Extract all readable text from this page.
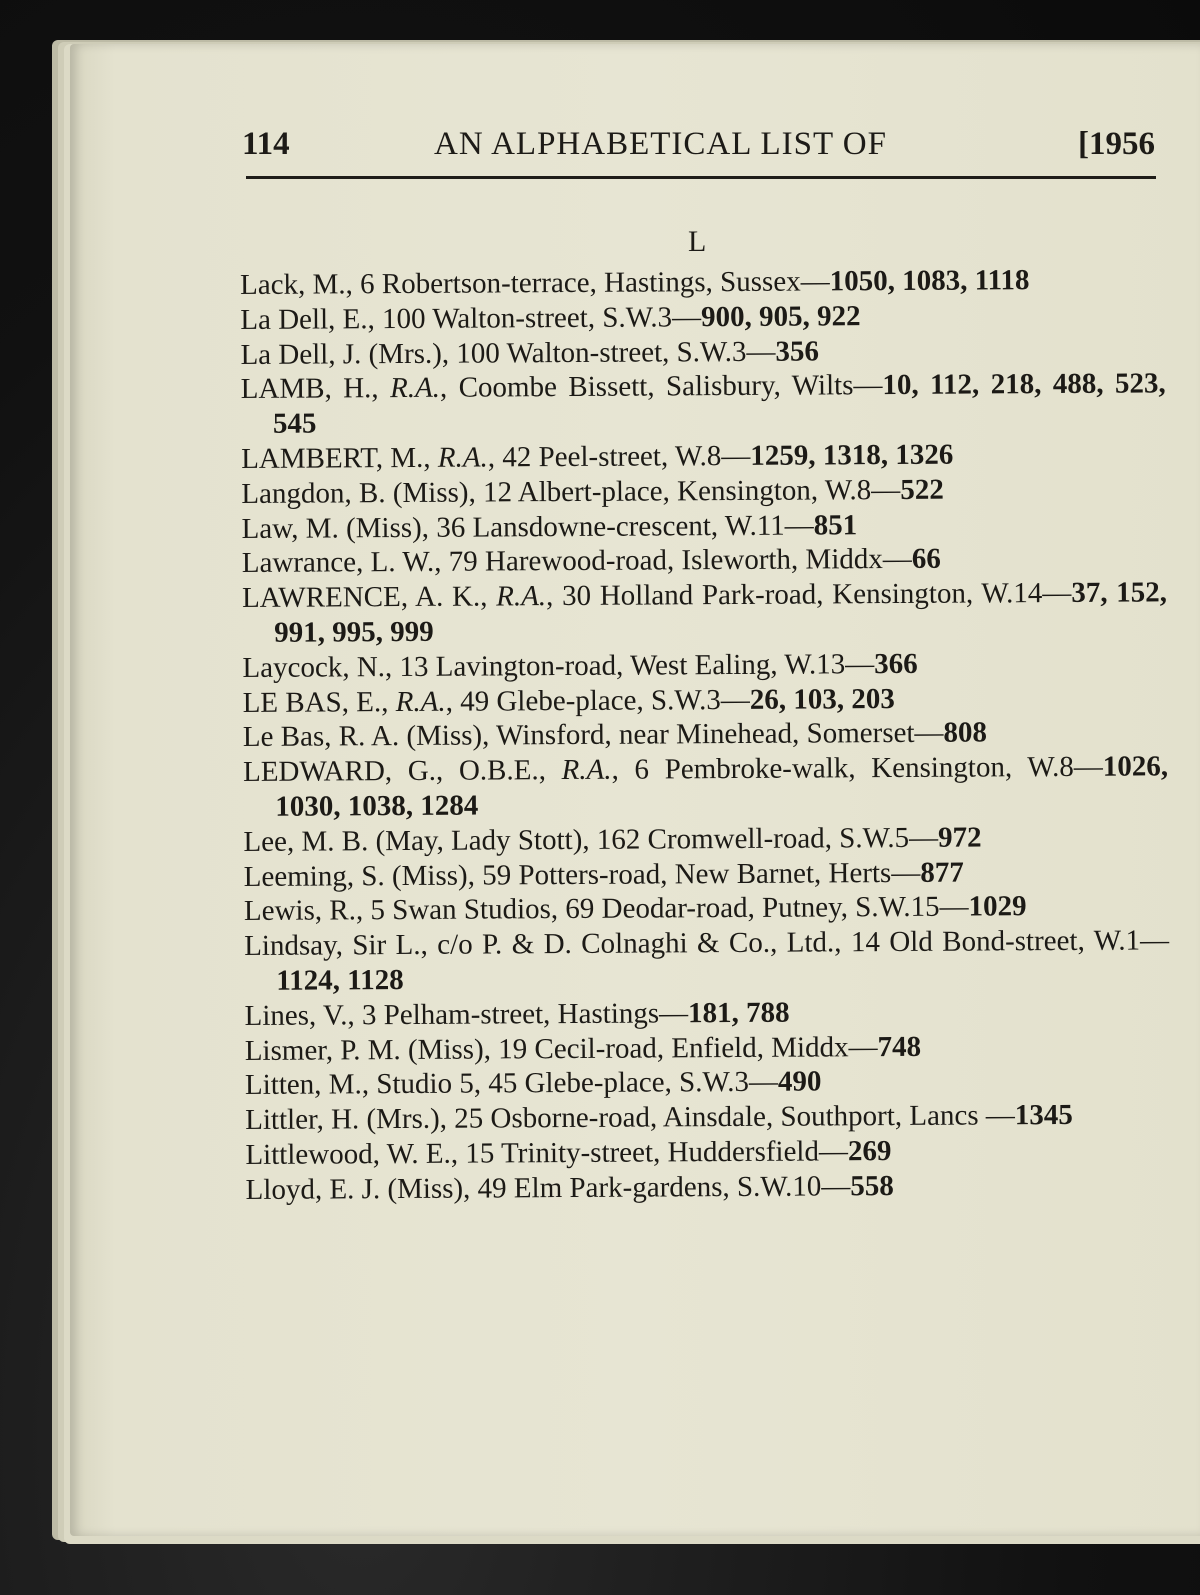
114	AN ALPHABETICAL LIST OF	[1956
L
Lack, M., 6 Robertson-terrace, Hastings, Sussex—1050, 1083, 1118
La Dell, E., 100 Walton-street, S.W.3—900, 905, 922
La Dell, J. (Mrs.), 100 Walton-street, S.W.3—356
LAMB, H., R.A., Coombe Bissett, Salisbury, Wilts—10, 112, 218, 488, 523, 545
LAMBERT, M., R.A., 42 Peel-street, W.8—1259, 1318, 1326
Langdon, B. (Miss), 12 Albert-place, Kensington, W.8—522
Law, M. (Miss), 36 Lansdowne-crescent, W.11—851
Lawrance, L. W., 79 Harewood-road, Isleworth, Middx—66
LAWRENCE, A. K., R.A., 30 Holland Park-road, Kensington, W.14—37, 152, 991, 995, 999
Laycock, N., 13 Lavington-road, West Ealing, W.13—366
LE BAS, E., R.A., 49 Glebe-place, S.W.3—26, 103, 203
Le Bas, R. A. (Miss), Winsford, near Minehead, Somerset—808
LEDWARD, G., O.B.E., R.A., 6 Pembroke-walk, Kensington, W.8—1026, 1030, 1038, 1284
Lee, M. B. (May, Lady Stott), 162 Cromwell-road, S.W.5—972
Leeming, S. (Miss), 59 Potters-road, New Barnet, Herts—877
Lewis, R., 5 Swan Studios, 69 Deodar-road, Putney, S.W.15—1029
Lindsay, Sir L., c/o P. & D. Colnaghi & Co., Ltd., 14 Old Bond-street, W.1—1124, 1128
Lines, V., 3 Pelham-street, Hastings—181, 788
Lismer, P. M. (Miss), 19 Cecil-road, Enfield, Middx—748
Litten, M., Studio 5, 45 Glebe-place, S.W.3—490
Littler, H. (Mrs.), 25 Osborne-road, Ainsdale, Southport, Lancs —1345
Littlewood, W. E., 15 Trinity-street, Huddersfield—269
Lloyd, E. J. (Miss), 49 Elm Park-gardens, S.W.10—558
